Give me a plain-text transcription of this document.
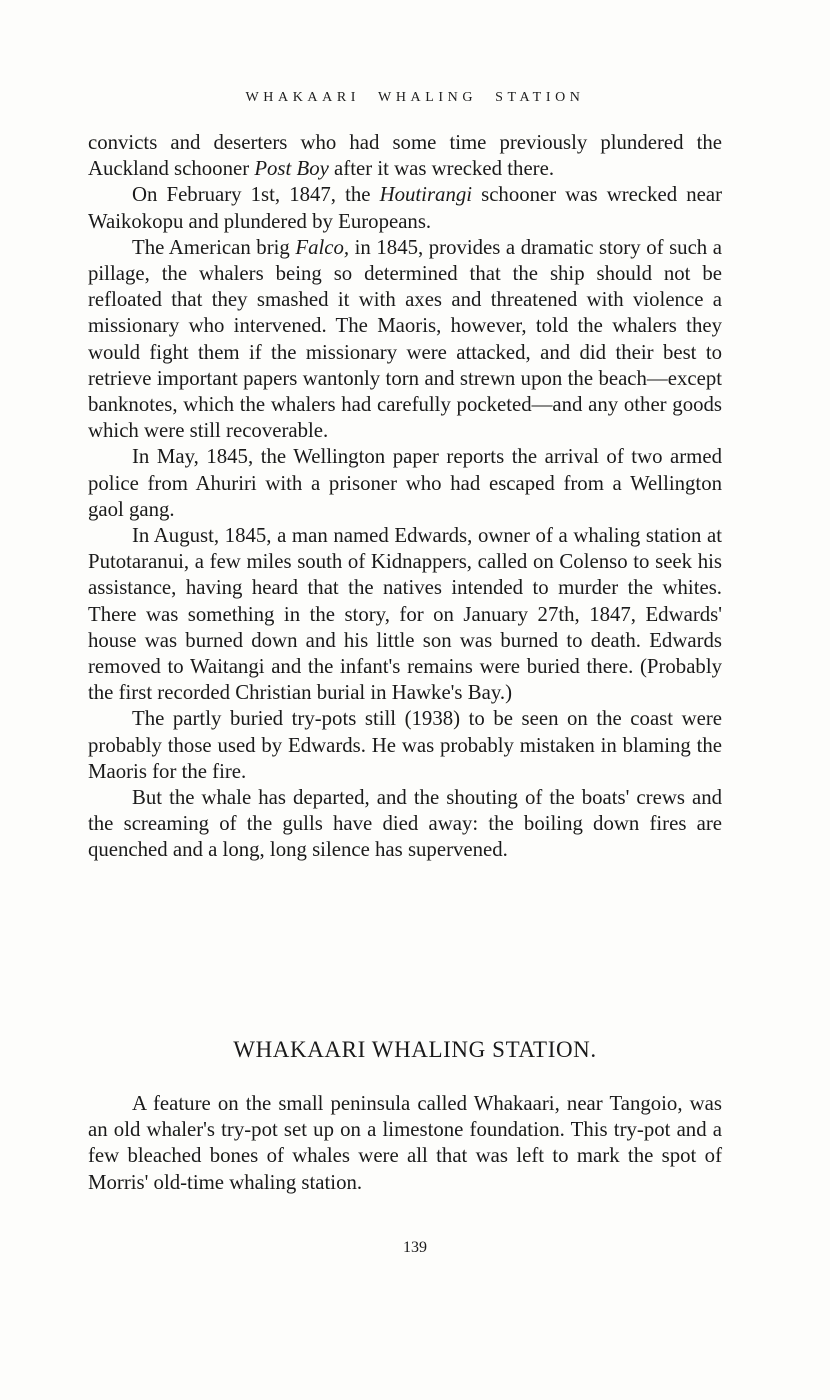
WHAKAARI WHALING STATION

convicts and deserters who had some time previously plundered the Auckland schooner Post Boy after it was wrecked there.

On February 1st, 1847, the Houtirangi schooner was wrecked near Waikokopu and plundered by Europeans.

The American brig Falco, in 1845, provides a dramatic story of such a pillage, the whalers being so determined that the ship should not be refloated that they smashed it with axes and threatened with violence a missionary who intervened. The Maoris, however, told the whalers they would fight them if the missionary were attacked, and did their best to retrieve important papers wantonly torn and strewn upon the beach—except banknotes, which the whalers had carefully pocketed—and any other goods which were still recoverable.

In May, 1845, the Wellington paper reports the arrival of two armed police from Ahuriri with a prisoner who had escaped from a Wellington gaol gang.

In August, 1845, a man named Edwards, owner of a whaling station at Putotaranui, a few miles south of Kidnappers, called on Colenso to seek his assistance, having heard that the natives intended to murder the whites. There was something in the story, for on January 27th, 1847, Edwards' house was burned down and his little son was burned to death. Edwards removed to Waitangi and the infant's remains were buried there. (Probably the first recorded Christian burial in Hawke's Bay.)

The partly buried try-pots still (1938) to be seen on the coast were probably those used by Edwards. He was probably mistaken in blaming the Maoris for the fire.

But the whale has departed, and the shouting of the boats' crews and the screaming of the gulls have died away: the boiling down fires are quenched and a long, long silence has supervened.

WHAKAARI WHALING STATION.

A feature on the small peninsula called Whakaari, near Tangoio, was an old whaler's try-pot set up on a limestone foundation. This try-pot and a few bleached bones of whales were all that was left to mark the spot of Morris' old-time whaling station.

139
